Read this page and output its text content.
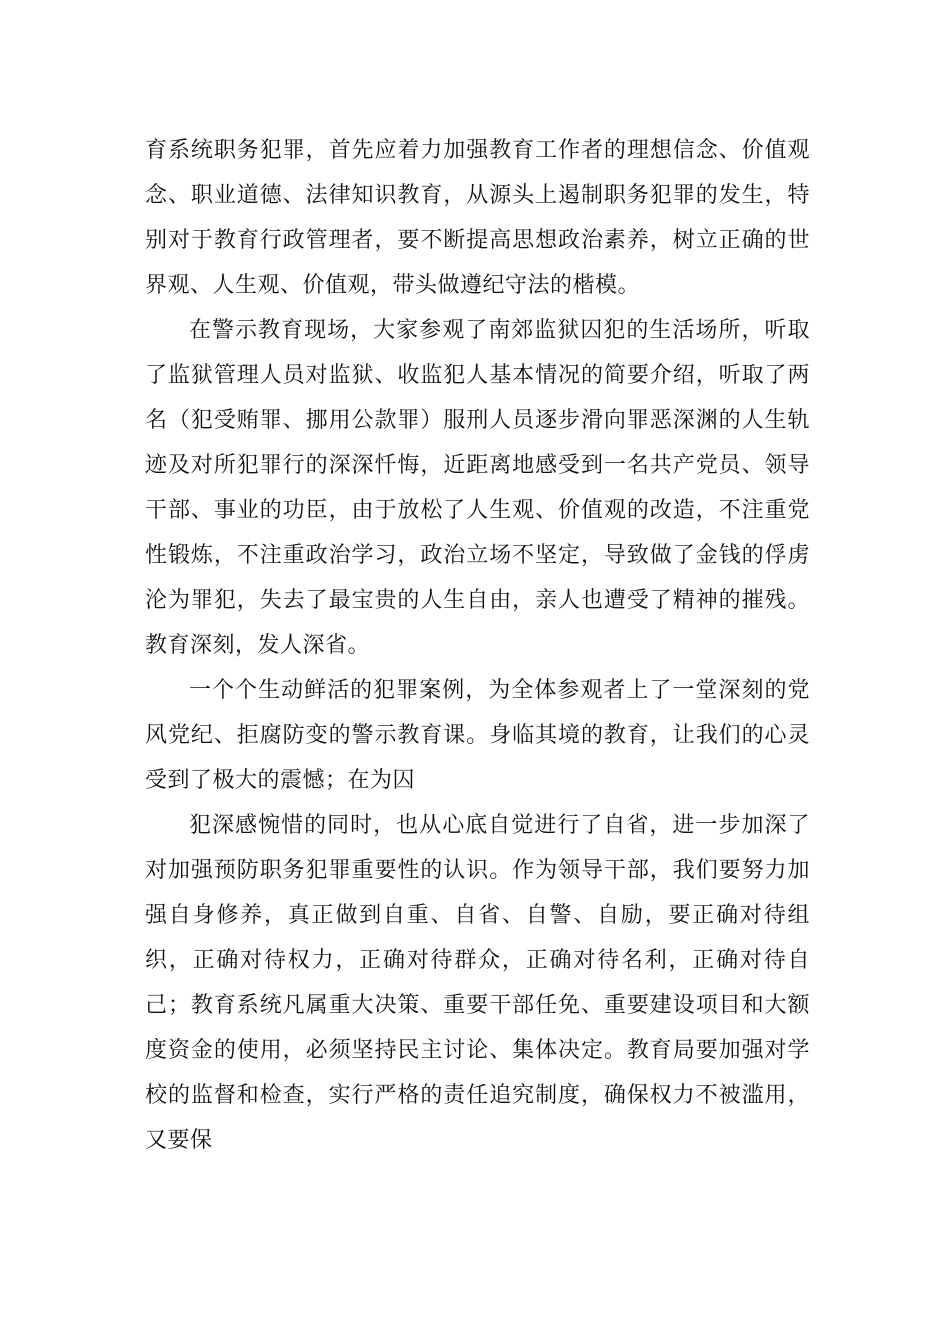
育系统职务犯罪，首先应着力加强教育工作者的理想信念、价值观念、职业道德、法律知识教育，从源头上遏制职务犯罪的发生，特别对于教育行政管理者，要不断提高思想政治素养，树立正确的世界观、人生观、价值观，带头做遵纪守法的楷模。

在警示教育现场，大家参观了南郊监狱囚犯的生活场所，听取了监狱管理人员对监狱、收监犯人基本情况的简要介绍，听取了两名（犯受贿罪、挪用公款罪）服刑人员逐步滑向罪恶深渊的人生轨迹及对所犯罪行的深深忏悔，近距离地感受到一名共产党员、领导干部、事业的功臣，由于放松了人生观、价值观的改造，不注重党性锻炼，不注重政治学习，政治立场不坚定，导致做了金钱的俘虏沦为罪犯，失去了最宝贵的人生自由，亲人也遭受了精神的摧残。教育深刻，发人深省。

一个个生动鲜活的犯罪案例，为全体参观者上了一堂深刻的党风党纪、拒腐防变的警示教育课。身临其境的教育，让我们的心灵受到了极大的震憾；在为囚

犯深感惋惜的同时，也从心底自觉进行了自省，进一步加深了对加强预防职务犯罪重要性的认识。作为领导干部，我们要努力加强自身修养，真正做到自重、自省、自警、自励，要正确对待组织，正确对待权力，正确对待群众，正确对待名利，正确对待自己；教育系统凡属重大决策、重要干部任免、重要建设项目和大额度资金的使用，必须坚持民主讨论、集体决定。教育局要加强对学校的监督和检查，实行严格的责任追究制度，确保权力不被滥用，又要保
